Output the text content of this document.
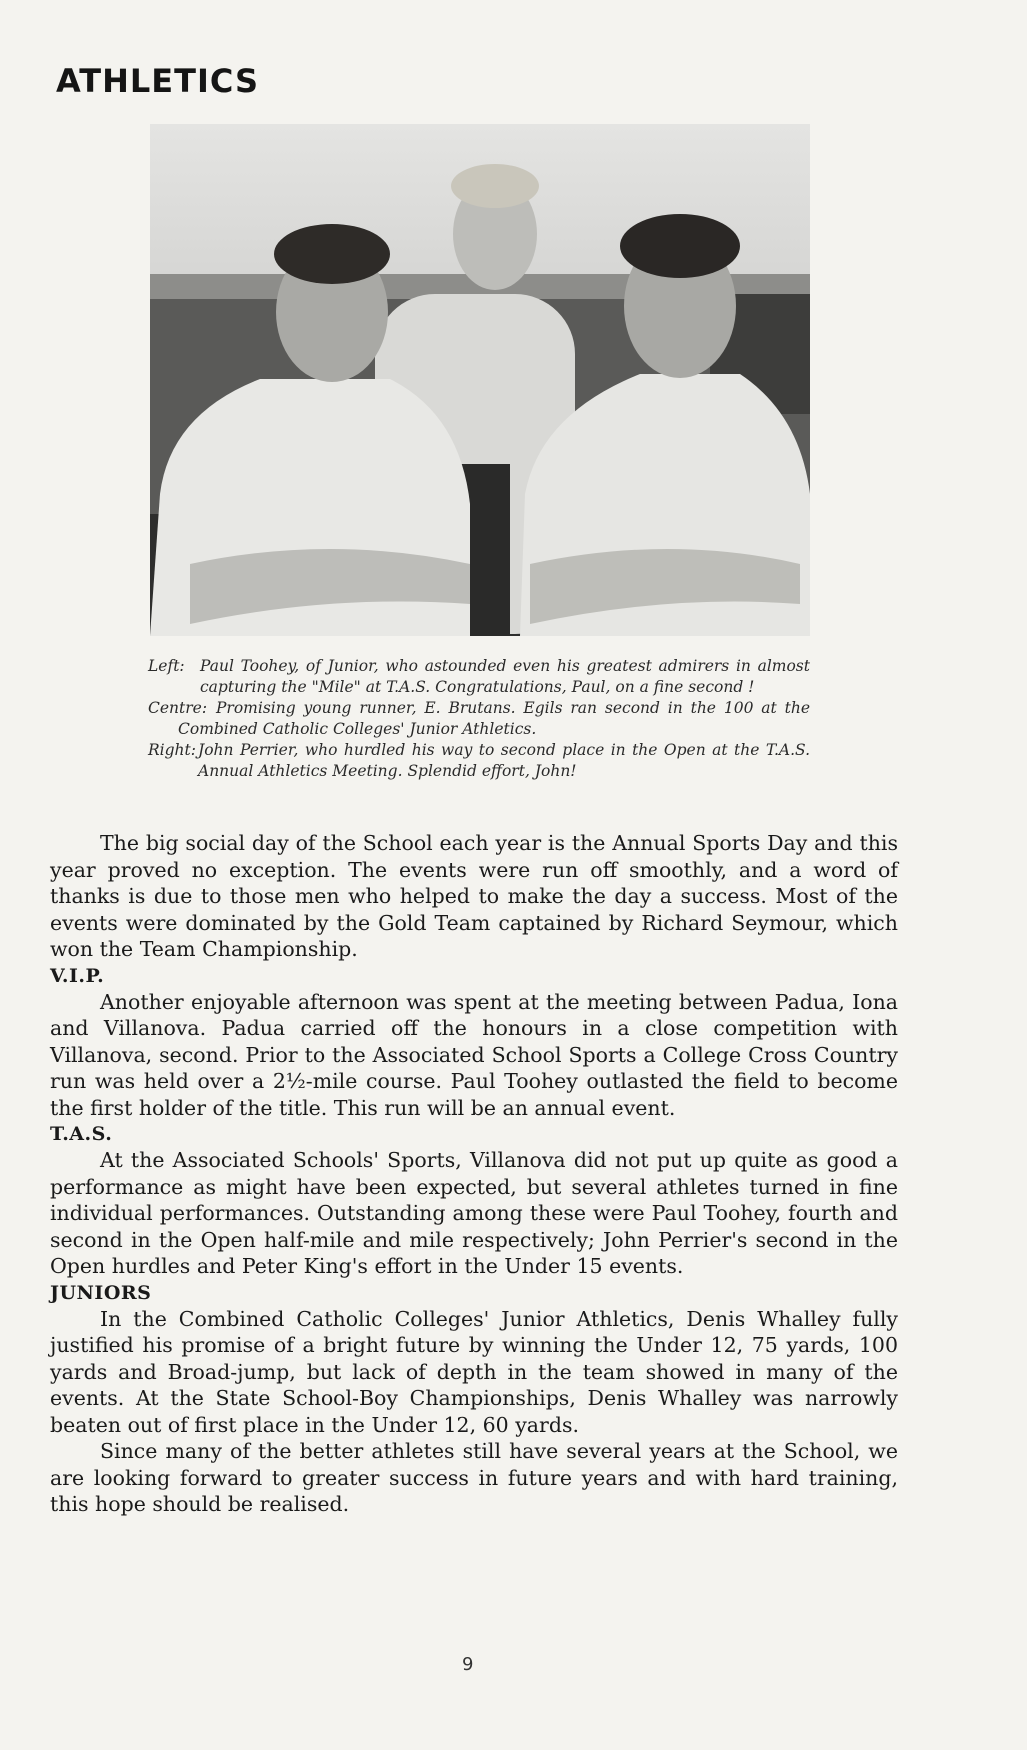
ATHLETICS
Left: Paul Toohey, of Junior, who astounded even his greatest admirers in almost capturing the "Mile" at T.A.S. Congratulations, Paul, on a fine second !
Centre: Promising young runner, E. Brutans. Egils ran second in the 100 at the Combined Catholic Colleges' Junior Athletics.
Right: John Perrier, who hurdled his way to second place in the Open at the T.A.S. Annual Athletics Meeting. Splendid effort, John!

The big social day of the School each year is the Annual Sports Day and this year proved no exception. The events were run off smoothly, and a word of thanks is due to those men who helped to make the day a success. Most of the events were dominated by the Gold Team captained by Richard Seymour, which won the Team Championship.

V.I.P.

Another enjoyable afternoon was spent at the meeting between Padua, Iona and Villanova. Padua carried off the honours in a close competition with Villanova, second. Prior to the Associated School Sports a College Cross Country run was held over a 2½-mile course. Paul Toohey outlasted the field to become the first holder of the title. This run will be an annual event.

T.A.S.

At the Associated Schools' Sports, Villanova did not put up quite as good a performance as might have been expected, but several athletes turned in fine individual performances. Outstanding among these were Paul Toohey, fourth and second in the Open half-mile and mile respectively; John Perrier's second in the Open hurdles and Peter King's effort in the Under 15 events.

JUNIORS

In the Combined Catholic Colleges' Junior Athletics, Denis Whalley fully justified his promise of a bright future by winning the Under 12, 75 yards, 100 yards and Broad-jump, but lack of depth in the team showed in many of the events. At the State School-Boy Championships, Denis Whalley was narrowly beaten out of first place in the Under 12, 60 yards.

Since many of the better athletes still have several years at the School, we are looking forward to greater success in future years and with hard training, this hope should be realised.

9
